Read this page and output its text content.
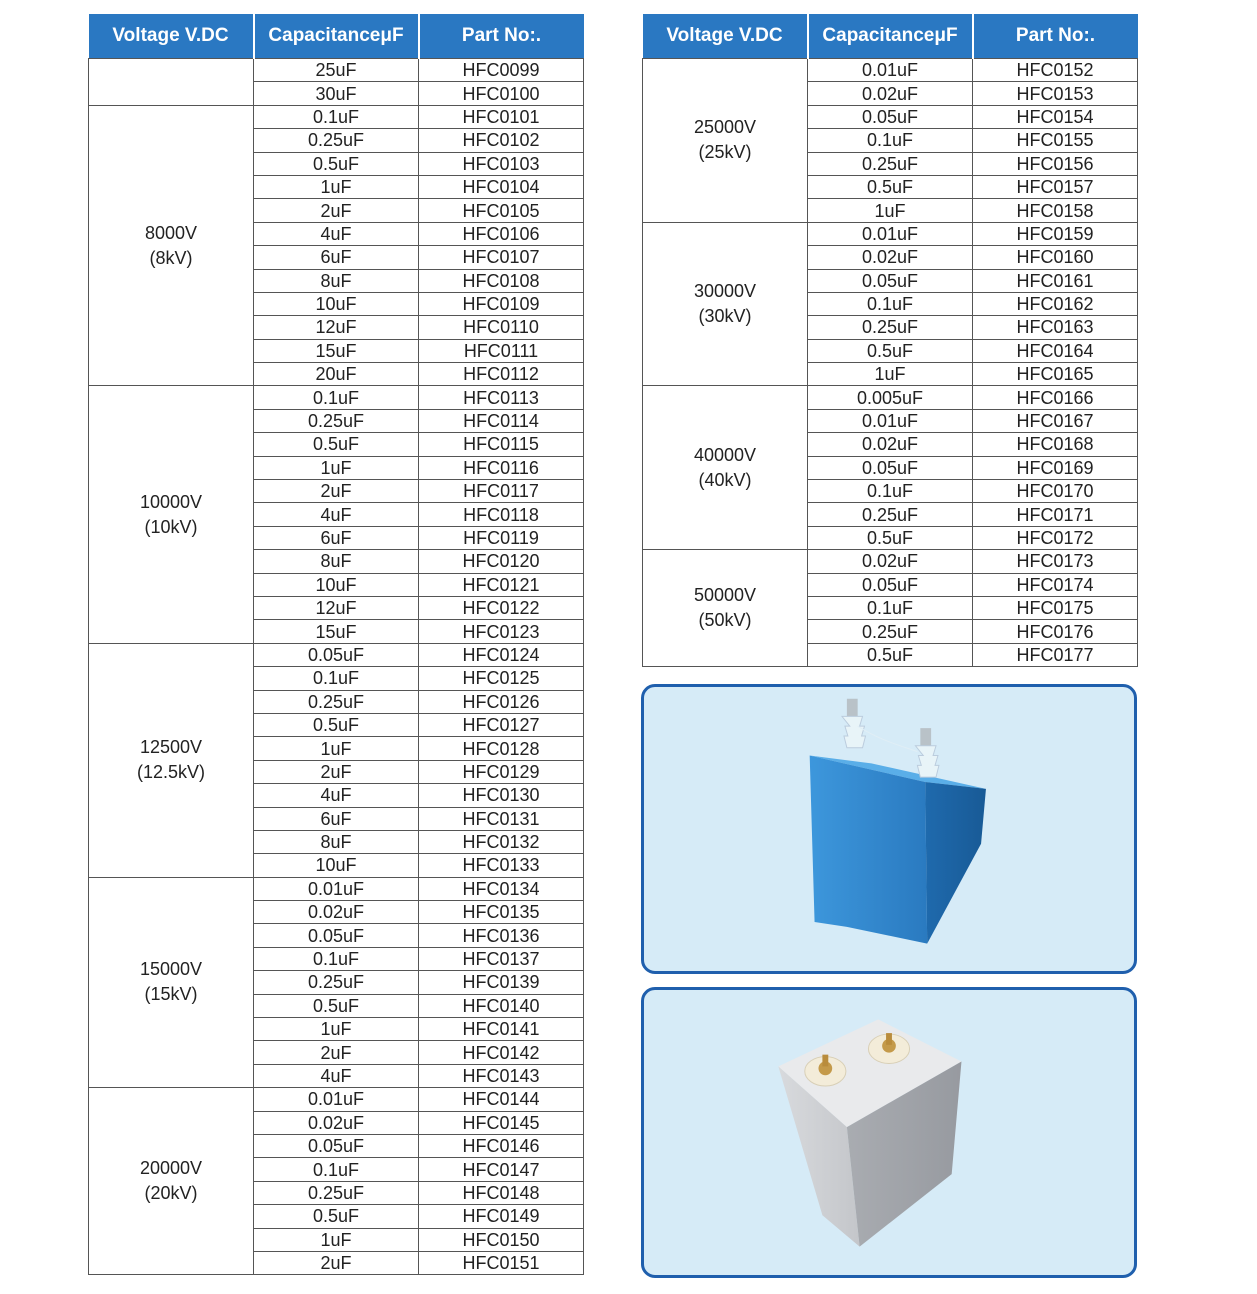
Voltage V.DC	CapacitanceμF	Part No:.

	25uF	HFC0099
	30uF	HFC0100

8000V
(8kV)	0.1uF	HFC0101
	0.25uF	HFC0102
	0.5uF	HFC0103
	1uF	HFC0104
	2uF	HFC0105
	4uF	HFC0106
	6uF	HFC0107
	8uF	HFC0108
	10uF	HFC0109
	12uF	HFC0110
	15uF	HFC0111
	20uF	HFC0112

10000V
(10kV)	0.1uF	HFC0113
	0.25uF	HFC0114
	0.5uF	HFC0115
	1uF	HFC0116
	2uF	HFC0117
	4uF	HFC0118
	6uF	HFC0119
	8uF	HFC0120
	10uF	HFC0121
	12uF	HFC0122
	15uF	HFC0123

12500V
(12.5kV)	0.05uF	HFC0124
	0.1uF	HFC0125
	0.25uF	HFC0126
	0.5uF	HFC0127
	1uF	HFC0128
	2uF	HFC0129
	4uF	HFC0130
	6uF	HFC0131
	8uF	HFC0132
	10uF	HFC0133

15000V
(15kV)	0.01uF	HFC0134
	0.02uF	HFC0135
	0.05uF	HFC0136
	0.1uF	HFC0137
	0.25uF	HFC0139
	0.5uF	HFC0140
	1uF	HFC0141
	2uF	HFC0142
	4uF	HFC0143

20000V
(20kV)	0.01uF	HFC0144
	0.02uF	HFC0145
	0.05uF	HFC0146
	0.1uF	HFC0147
	0.25uF	HFC0148
	0.5uF	HFC0149
	1uF	HFC0150
	2uF	HFC0151
Voltage V.DC	CapacitanceμF	Part No:.

25000V
(25kV)	0.01uF	HFC0152
	0.02uF	HFC0153
	0.05uF	HFC0154
	0.1uF	HFC0155
	0.25uF	HFC0156
	0.5uF	HFC0157
	1uF	HFC0158

30000V
(30kV)	0.01uF	HFC0159
	0.02uF	HFC0160
	0.05uF	HFC0161
	0.1uF	HFC0162
	0.25uF	HFC0163
	0.5uF	HFC0164
	1uF	HFC0165

40000V
(40kV)	0.005uF	HFC0166
	0.01uF	HFC0167
	0.02uF	HFC0168
	0.05uF	HFC0169
	0.1uF	HFC0170
	0.25uF	HFC0171
	0.5uF	HFC0172

50000V
(50kV)	0.02uF	HFC0173
	0.05uF	HFC0174
	0.1uF	HFC0175
	0.25uF	HFC0176
	0.5uF	HFC0177
